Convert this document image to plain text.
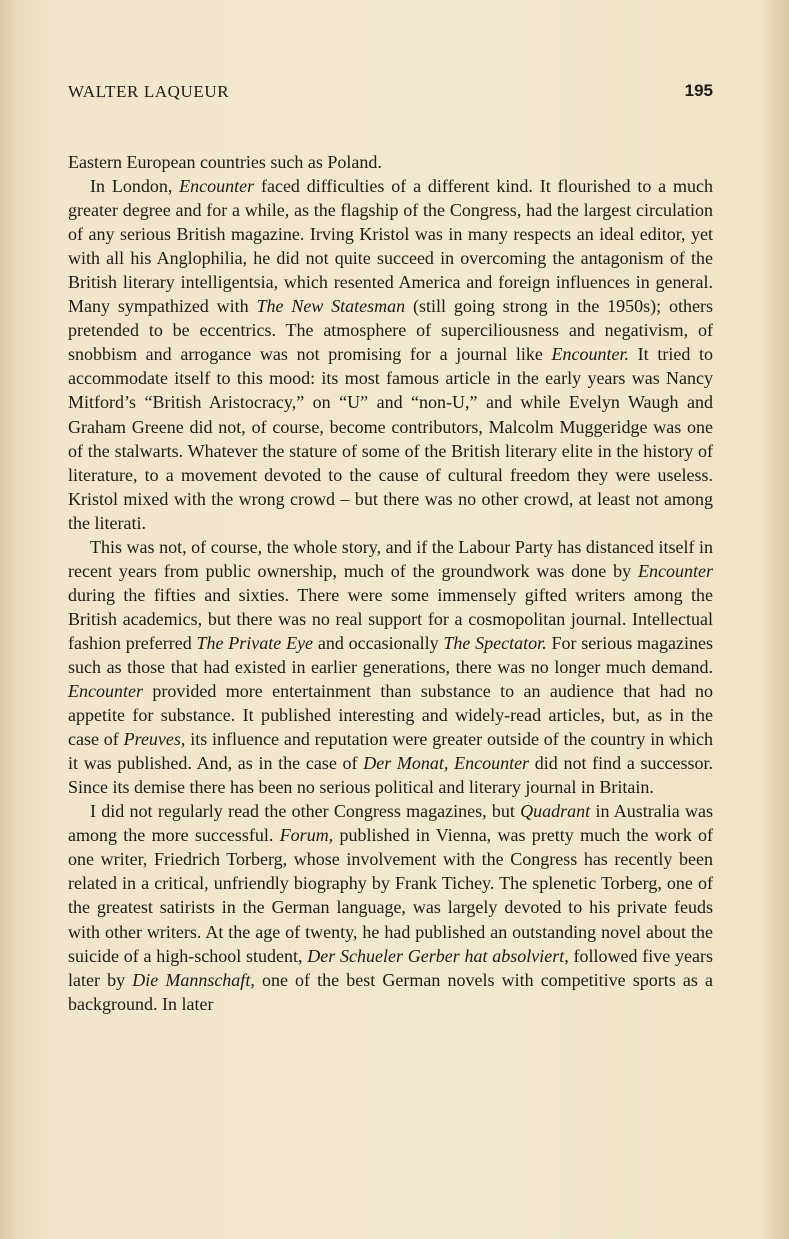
WALTER LAQUEUR	195

Eastern European countries such as Poland.

In London, Encounter faced difficulties of a different kind. It flourished to a much greater degree and for a while, as the flagship of the Congress, had the largest circulation of any serious British magazine. Irving Kristol was in many respects an ideal editor, yet with all his Anglophilia, he did not quite succeed in overcoming the antagonism of the British literary intelligentsia, which resented America and foreign influences in general. Many sympathized with The New Statesman (still going strong in the 1950s); others pretended to be eccentrics. The atmosphere of superciliousness and negativism, of snobbism and arrogance was not promising for a journal like Encounter. It tried to accommodate itself to this mood: its most famous article in the early years was Nancy Mitford’s “British Aristocracy,” on “U” and “non-U,” and while Evelyn Waugh and Graham Greene did not, of course, become contributors, Malcolm Muggeridge was one of the stalwarts. Whatever the stature of some of the British literary elite in the history of literature, to a movement devoted to the cause of cultural freedom they were useless. Kristol mixed with the wrong crowd – but there was no other crowd, at least not among the literati.

This was not, of course, the whole story, and if the Labour Party has distanced itself in recent years from public ownership, much of the groundwork was done by Encounter during the fifties and sixties. There were some immensely gifted writers among the British academics, but there was no real support for a cosmopolitan journal. Intellectual fashion preferred The Private Eye and occasionally The Spectator. For serious magazines such as those that had existed in earlier generations, there was no longer much demand. Encounter provided more entertainment than substance to an audience that had no appetite for substance. It published interesting and widely-read articles, but, as in the case of Preuves, its influence and reputation were greater outside of the country in which it was published. And, as in the case of Der Monat, Encounter did not find a successor. Since its demise there has been no serious political and literary journal in Britain.

I did not regularly read the other Congress magazines, but Quadrant in Australia was among the more successful. Forum, published in Vienna, was pretty much the work of one writer, Friedrich Torberg, whose involvement with the Congress has recently been related in a critical, unfriendly biography by Frank Tichey. The splenetic Torberg, one of the greatest satirists in the German language, was largely devoted to his private feuds with other writers. At the age of twenty, he had published an outstanding novel about the suicide of a high-school student, Der Schueler Gerber hat absolviert, followed five years later by Die Mannschaft, one of the best German novels with competitive sports as a background. In later
